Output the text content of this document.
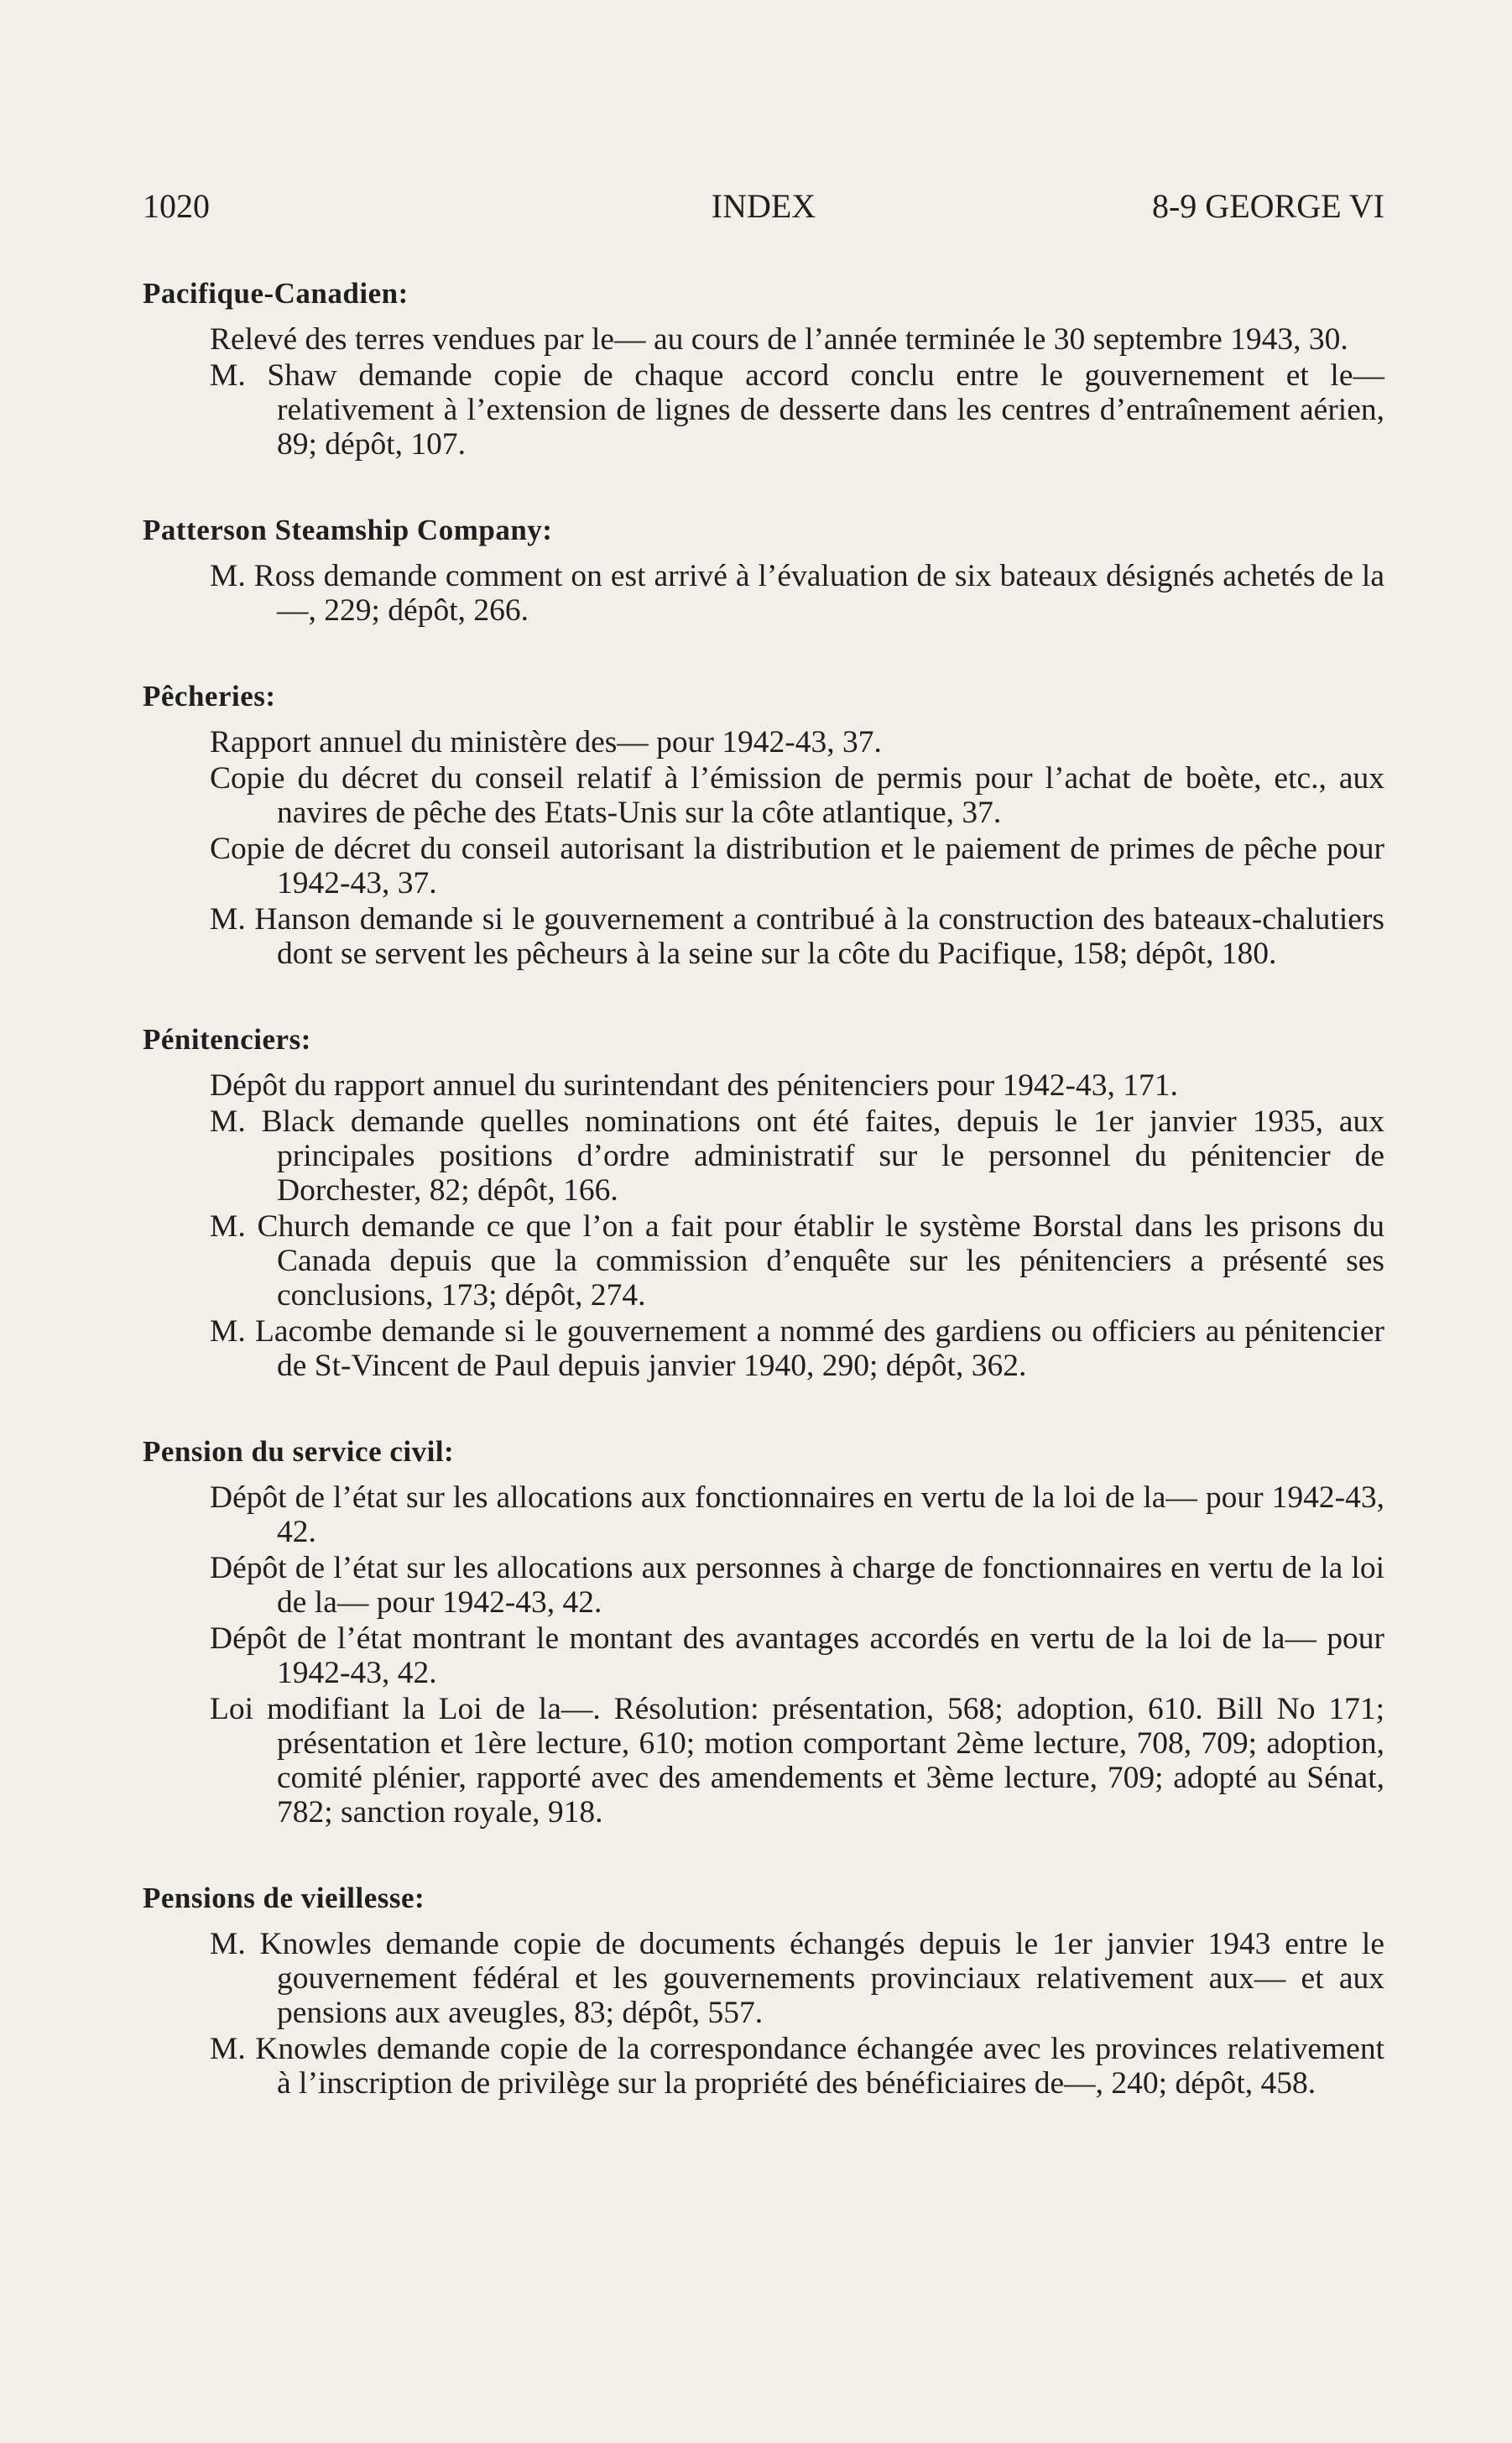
1020	INDEX	8-9 GEORGE VI
Pacifique-Canadien:
Relevé des terres vendues par le— au cours de l’année terminée le 30 septembre 1943, 30.
M. Shaw demande copie de chaque accord conclu entre le gouvernement et le— relativement à l’extension de lignes de desserte dans les centres d’entraînement aérien, 89; dépôt, 107.
Patterson Steamship Company:
M. Ross demande comment on est arrivé à l’évaluation de six bateaux désignés achetés de la—, 229; dépôt, 266.
Pêcheries:
Rapport annuel du ministère des— pour 1942-43, 37.
Copie du décret du conseil relatif à l’émission de permis pour l’achat de boète, etc., aux navires de pêche des Etats-Unis sur la côte atlantique, 37.
Copie de décret du conseil autorisant la distribution et le paiement de primes de pêche pour 1942-43, 37.
M. Hanson demande si le gouvernement a contribué à la construction des bateaux-chalutiers dont se servent les pêcheurs à la seine sur la côte du Pacifique, 158; dépôt, 180.
Pénitenciers:
Dépôt du rapport annuel du surintendant des pénitenciers pour 1942-43, 171.
M. Black demande quelles nominations ont été faites, depuis le 1er janvier 1935, aux principales positions d’ordre administratif sur le personnel du pénitencier de Dorchester, 82; dépôt, 166.
M. Church demande ce que l’on a fait pour établir le système Borstal dans les prisons du Canada depuis que la commission d’enquête sur les pénitenciers a présenté ses conclusions, 173; dépôt, 274.
M. Lacombe demande si le gouvernement a nommé des gardiens ou officiers au pénitencier de St-Vincent de Paul depuis janvier 1940, 290; dépôt, 362.
Pension du service civil:
Dépôt de l’état sur les allocations aux fonctionnaires en vertu de la loi de la— pour 1942-43, 42.
Dépôt de l’état sur les allocations aux personnes à charge de fonctionnaires en vertu de la loi de la— pour 1942-43, 42.
Dépôt de l’état montrant le montant des avantages accordés en vertu de la loi de la— pour 1942-43, 42.
Loi modifiant la Loi de la—. Résolution: présentation, 568; adoption, 610. Bill No 171; présentation et 1ère lecture, 610; motion comportant 2ème lecture, 708, 709; adoption, comité plénier, rapporté avec des amendements et 3ème lecture, 709; adopté au Sénat, 782; sanction royale, 918.
Pensions de vieillesse:
M. Knowles demande copie de documents échangés depuis le 1er janvier 1943 entre le gouvernement fédéral et les gouvernements provinciaux relativement aux— et aux pensions aux aveugles, 83; dépôt, 557.
M. Knowles demande copie de la correspondance échangée avec les provinces relativement à l’inscription de privilège sur la propriété des bénéficiaires de—, 240; dépôt, 458.
